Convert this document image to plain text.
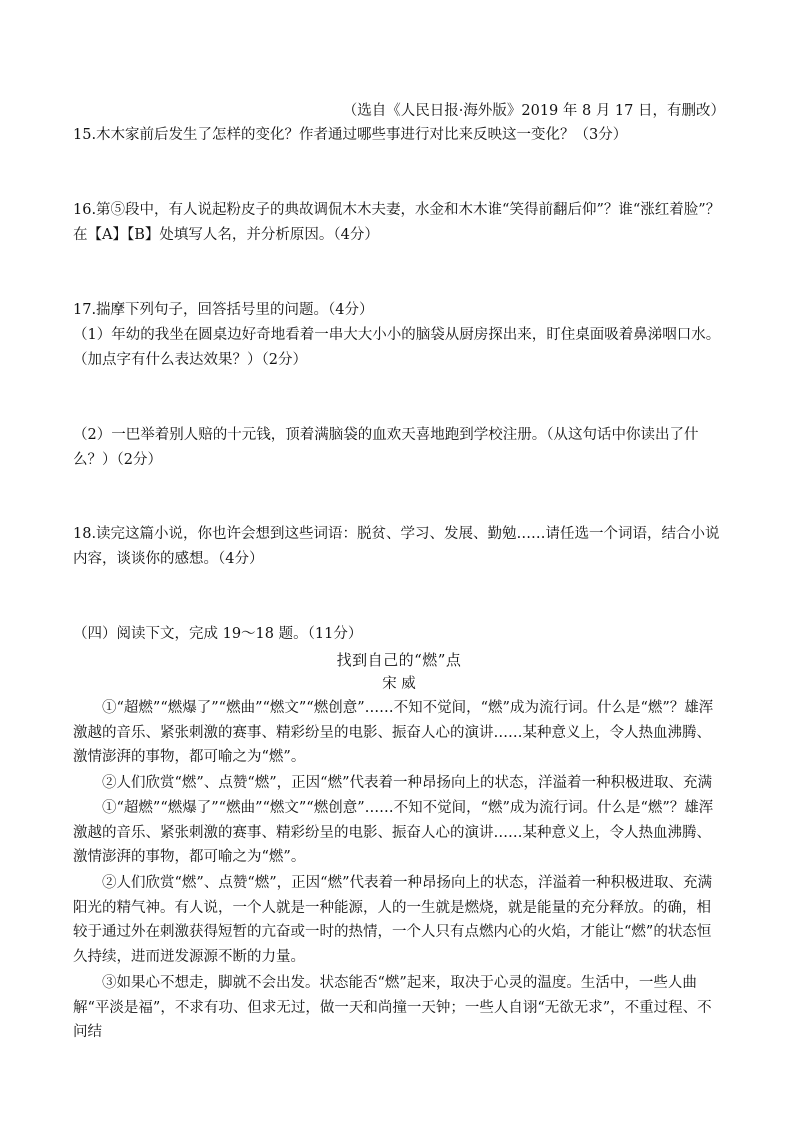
（选自《人民日报·海外版》2019 年 8 月 17 日，有删改）

15.木木家前后发生了怎样的变化？作者通过哪些事进行对比来反映这一变化？（3分）

16.第⑤段中，有人说起粉皮子的典故调侃木木夫妻，水金和木木谁“笑得前翻后仰”？谁“涨红着脸”？在【A】【B】处填写人名，并分析原因。（4分）

17.揣摩下列句子，回答括号里的问题。（4分）

（1）年幼的我坐在圆桌边好奇地看着一串大大小小的脑袋从厨房探出来，盯住桌面吸着鼻涕咽口水。（加点字有什么表达效果？）（2分）

（2）一巴举着别人赔的十元钱，顶着满脑袋的血欢天喜地跑到学校注册。（从这句话中你读出了什么？）（2分）

18.读完这篇小说，你也许会想到这些词语：脱贫、学习、发展、勤勉……请任选一个词语，结合小说内容，谈谈你的感想。（4分）

（四）阅读下文，完成 19～18 题。（11分）

找到自己的“燃”点

宋 威

①“超燃”“燃爆了”“燃曲”“燃文”“燃创意”……不知不觉间，“燃”成为流行词。什么是“燃”？雄浑激越的音乐、紧张刺激的赛事、精彩纷呈的电影、振奋人心的演讲……某种意义上，令人热血沸腾、激情澎湃的事物，都可喻之为“燃”。

②人们欣赏“燃”、点赞“燃”，正因“燃”代表着一种昂扬向上的状态，洋溢着一种积极进取、充满

①“超燃”“燃爆了”“燃曲”“燃文”“燃创意”……不知不觉间，“燃”成为流行词。什么是“燃”？雄浑激越的音乐、紧张刺激的赛事、精彩纷呈的电影、振奋人心的演讲……某种意义上，令人热血沸腾、激情澎湃的事物，都可喻之为“燃”。

②人们欣赏“燃”、点赞“燃”，正因“燃”代表着一种昂扬向上的状态，洋溢着一种积极进取、充满阳光的精气神。有人说，一个人就是一种能源，人的一生就是燃烧，就是能量的充分释放。的确，相较于通过外在刺激获得短暂的亢奋或一时的热情，一个人只有点燃内心的火焰，才能让“燃”的状态恒久持续，进而迸发源源不断的力量。

③如果心不想走，脚就不会出发。状态能否“燃”起来，取决于心灵的温度。生活中，一些人曲解“平淡是福”，不求有功、但求无过，做一天和尚撞一天钟；一些人自诩“无欲无求”，不重过程、不问结
